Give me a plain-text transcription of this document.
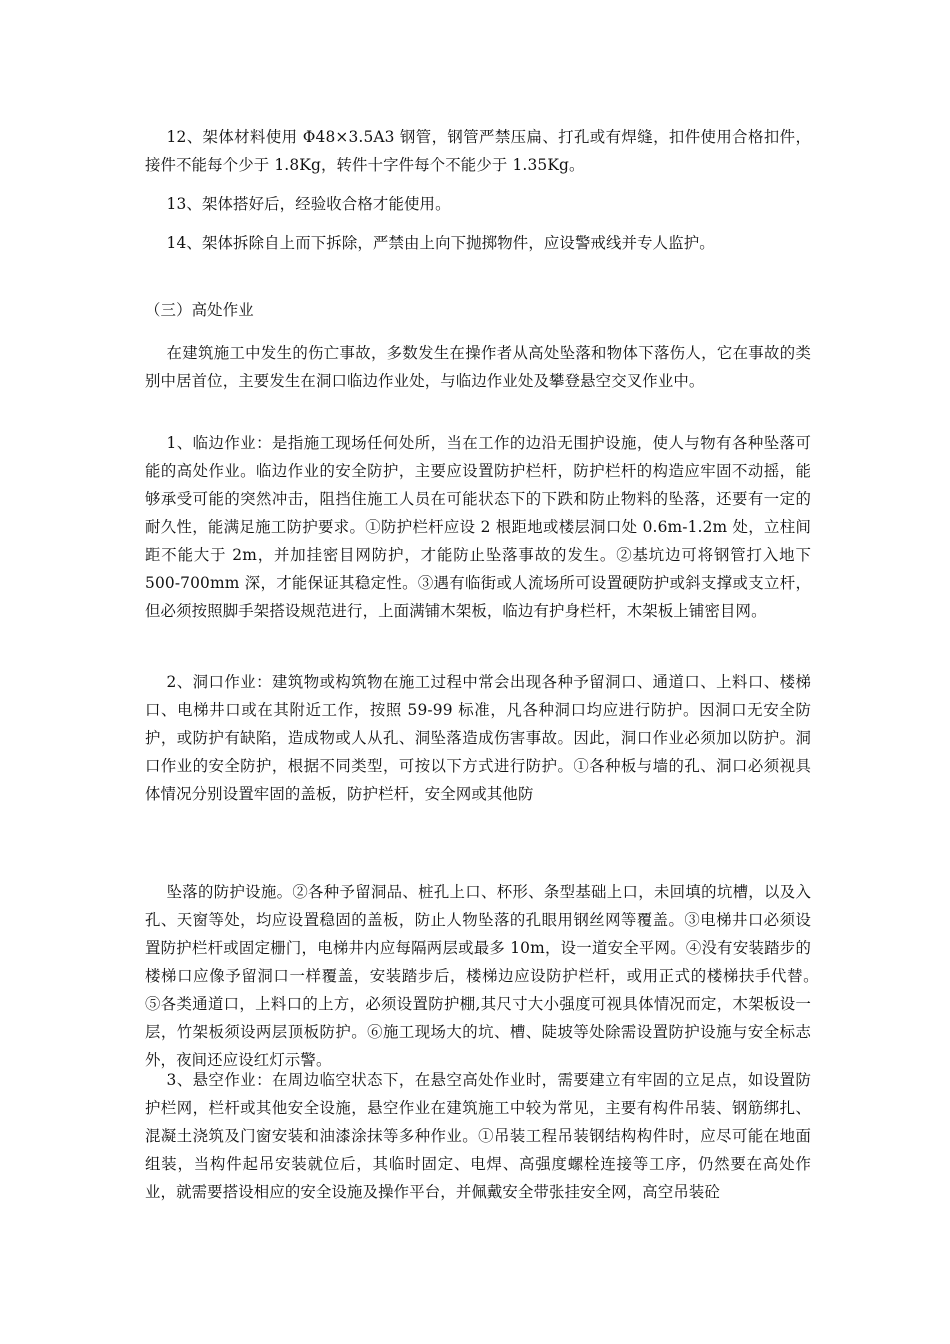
12、架体材料使用 Φ48×3.5A3 钢管，钢管严禁压扁、打孔或有焊缝，扣件使用合格扣件，接件不能每个少于 1.8Kg，转件十字件每个不能少于 1.35Kg。

13、架体搭好后，经验收合格才能使用。

14、架体拆除自上而下拆除，严禁由上向下抛掷物件，应设警戒线并专人监护。

（三）高处作业

在建筑施工中发生的伤亡事故，多数发生在操作者从高处坠落和物体下落伤人，它在事故的类别中居首位，主要发生在洞口临边作业处，与临边作业处及攀登悬空交叉作业中。

1、临边作业：是指施工现场任何处所，当在工作的边沿无围护设施，使人与物有各种坠落可能的高处作业。临边作业的安全防护，主要应设置防护栏杆，防护栏杆的构造应牢固不动摇，能够承受可能的突然冲击，阻挡住施工人员在可能状态下的下跌和防止物料的坠落，还要有一定的耐久性，能满足施工防护要求。①防护栏杆应设 2 根距地或楼层洞口处 0.6m-1.2m 处，立柱间距不能大于 2m，并加挂密目网防护，才能防止坠落事故的发生。②基坑边可将钢管打入地下 500-700mm 深，才能保证其稳定性。③遇有临街或人流场所可设置硬防护或斜支撑或支立杆，但必须按照脚手架搭设规范进行，上面满铺木架板，临边有护身栏杆，木架板上铺密目网。

2、洞口作业：建筑物或构筑物在施工过程中常会出现各种予留洞口、通道口、上料口、楼梯口、电梯井口或在其附近工作，按照 59-99 标准，凡各种洞口均应进行防护。因洞口无安全防护，或防护有缺陷，造成物或人从孔、洞坠落造成伤害事故。因此，洞口作业必须加以防护。洞口作业的安全防护，根据不同类型，可按以下方式进行防护。①各种板与墙的孔、洞口必须视具体情况分别设置牢固的盖板，防护栏杆，安全网或其他防

坠落的防护设施。②各种予留洞品、桩孔上口、杯形、条型基础上口，未回填的坑槽，以及入孔、天窗等处，均应设置稳固的盖板，防止人物坠落的孔眼用钢丝网等覆盖。③电梯井口必须设置防护栏杆或固定栅门，电梯井内应每隔两层或最多 10m，设一道安全平网。④没有安装踏步的楼梯口应像予留洞口一样覆盖，安装踏步后，楼梯边应设防护栏杆，或用正式的楼梯扶手代替。　⑤各类通道口，上料口的上方，必须设置防护棚,其尺寸大小强度可视具体情况而定，木架板设一层，竹架板须设两层顶板防护。⑥施工现场大的坑、槽、陡坡等处除需设置防护设施与安全标志外，夜间还应设红灯示警。

3、悬空作业：在周边临空状态下，在悬空高处作业时，需要建立有牢固的立足点，如设置防护栏网，栏杆或其他安全设施，悬空作业在建筑施工中较为常见，主要有构件吊装、钢筋绑扎、混凝土浇筑及门窗安装和油漆涂抹等多种作业。①吊装工程吊装钢结构构件时，应尽可能在地面组装，当构件起吊安装就位后，其临时固定、电焊、高强度螺栓连接等工序，仍然要在高处作业，就需要搭设相应的安全设施及操作平台，并佩戴安全带张挂安全网，高空吊装砼
